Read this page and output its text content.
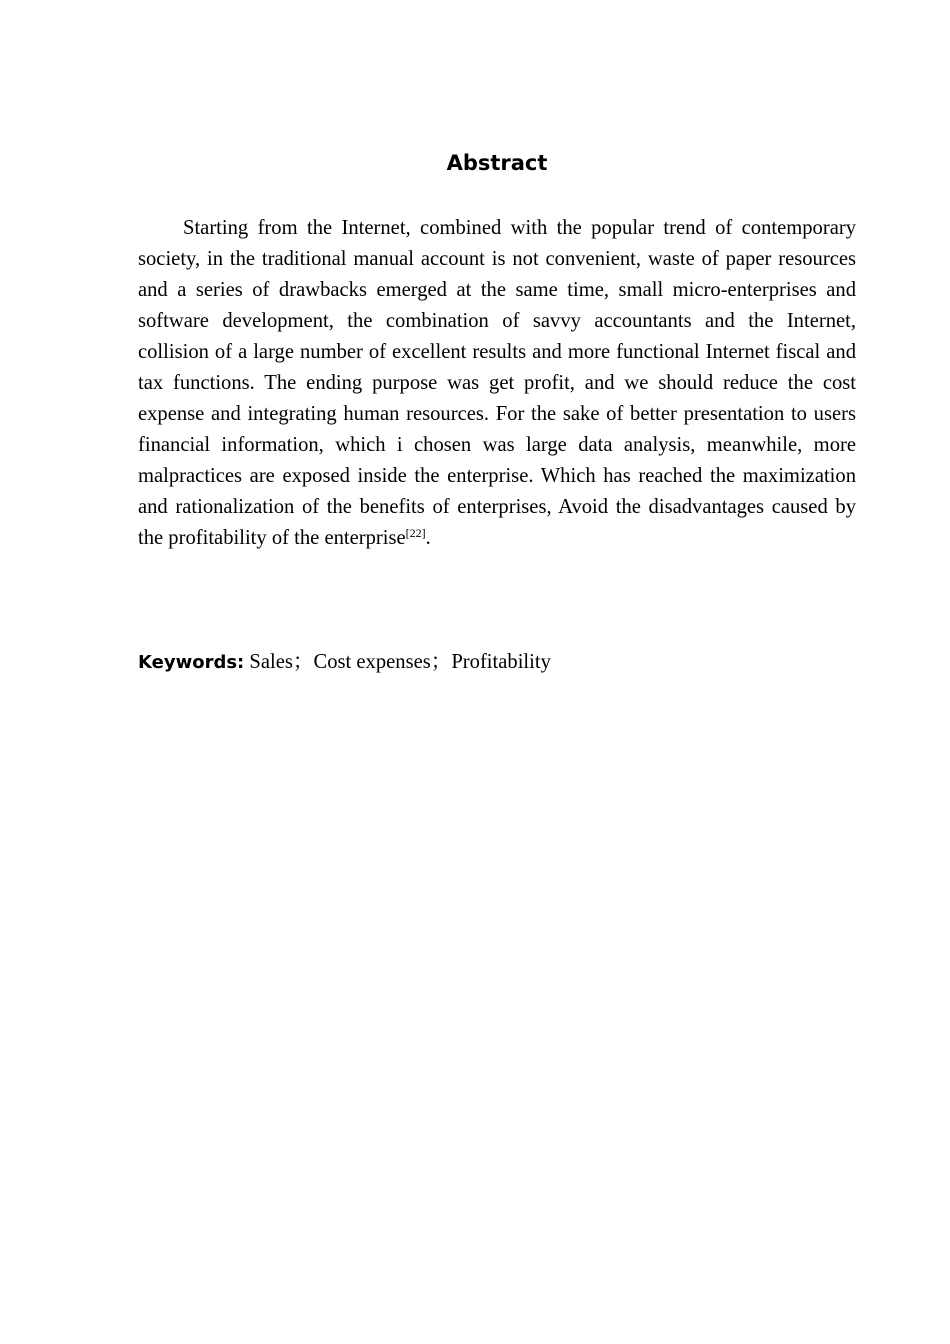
Abstract

Starting from the Internet, combined with the popular trend of contemporary society, in the traditional manual account is not convenient, waste of paper resources and a series of drawbacks emerged at the same time, small micro-enterprises and software development, the combination of savvy accountants and the Internet, collision of a large number of excellent results and more functional Internet fiscal and tax functions. The ending purpose was get profit, and we should reduce the cost expense and integrating human resources. For the sake of better presentation to users financial information, which i chosen was large data analysis, meanwhile, more malpractices are exposed inside the enterprise. Which has reached the maximization and rationalization of the benefits of enterprises, Avoid the disadvantages caused by the profitability of the enterprise[22].

Keywords: Sales；Cost expenses；Profitability
